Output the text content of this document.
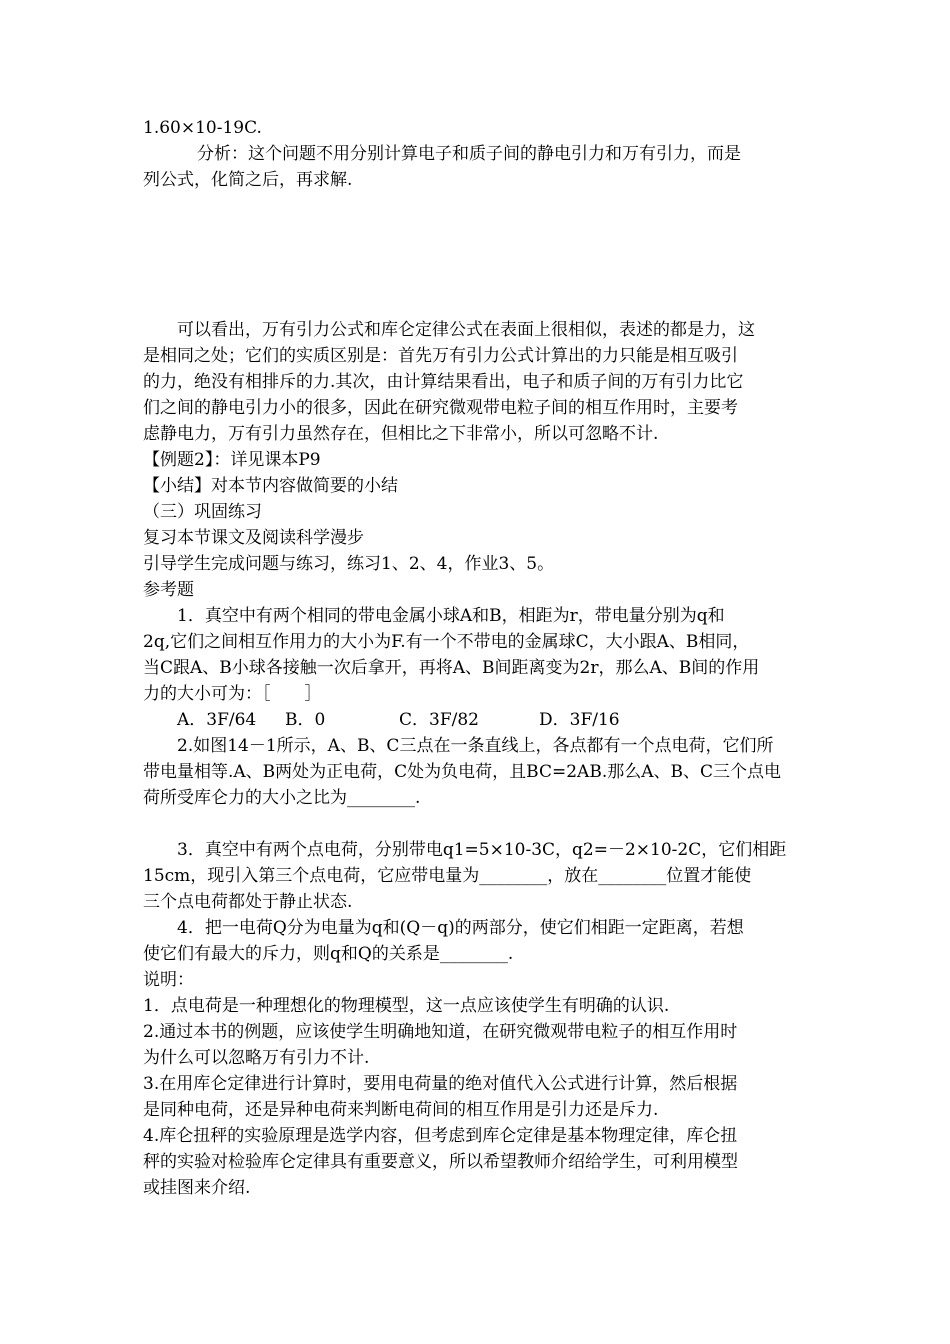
1.60×10-19C.
分析：这个问题不用分别计算电子和质子间的静电引力和万有引力，而是
列公式，化简之后，再求解.
可以看出，万有引力公式和库仑定律公式在表面上很相似，表述的都是力，这
是相同之处；它们的实质区别是：首先万有引力公式计算出的力只能是相互吸引
的力，绝没有相排斥的力.其次，由计算结果看出，电子和质子间的万有引力比它
们之间的静电引力小的很多，因此在研究微观带电粒子间的相互作用时，主要考
虑静电力，万有引力虽然存在，但相比之下非常小，所以可忽略不计.
【例题2】：详见课本P9
【小结】对本节内容做简要的小结
（三）巩固练习
复习本节课文及阅读科学漫步
引导学生完成问题与练习，练习1、2、4，作业3、5。
参考题
1．真空中有两个相同的带电金属小球A和B，相距为r，带电量分别为q和
2q,它们之间相互作用力的大小为F.有一个不带电的金属球C，大小跟A、B相同，
当C跟A、B小球各接触一次后拿开，再将A、B间距离变为2r，那么A、B间的作用
力的大小可为：［　　］
A．3F/64	B．0	C．3F/82	D．3F/16
2.如图14－1所示，A、B、C三点在一条直线上，各点都有一个点电荷，它们所
带电量相等.A、B两处为正电荷，C处为负电荷，且BC=2AB.那么A、B、C三个点电
荷所受库仑力的大小之比为________.
3．真空中有两个点电荷，分别带电q1=5×10-3C，q2=－2×10-2C，它们相距
15cm，现引入第三个点电荷，它应带电量为________，放在________位置才能使
三个点电荷都处于静止状态.
4．把一电荷Q分为电量为q和(Q－q)的两部分，使它们相距一定距离，若想
使它们有最大的斥力，则q和Q的关系是________.
说明：
1．点电荷是一种理想化的物理模型，这一点应该使学生有明确的认识.
2.通过本书的例题，应该使学生明确地知道，在研究微观带电粒子的相互作用时
为什么可以忽略万有引力不计.
3.在用库仑定律进行计算时，要用电荷量的绝对值代入公式进行计算，然后根据
是同种电荷，还是异种电荷来判断电荷间的相互作用是引力还是斥力.
4.库仑扭秤的实验原理是选学内容，但考虑到库仑定律是基本物理定律，库仑扭
秤的实验对检验库仑定律具有重要意义，所以希望教师介绍给学生，可利用模型
或挂图来介绍.
